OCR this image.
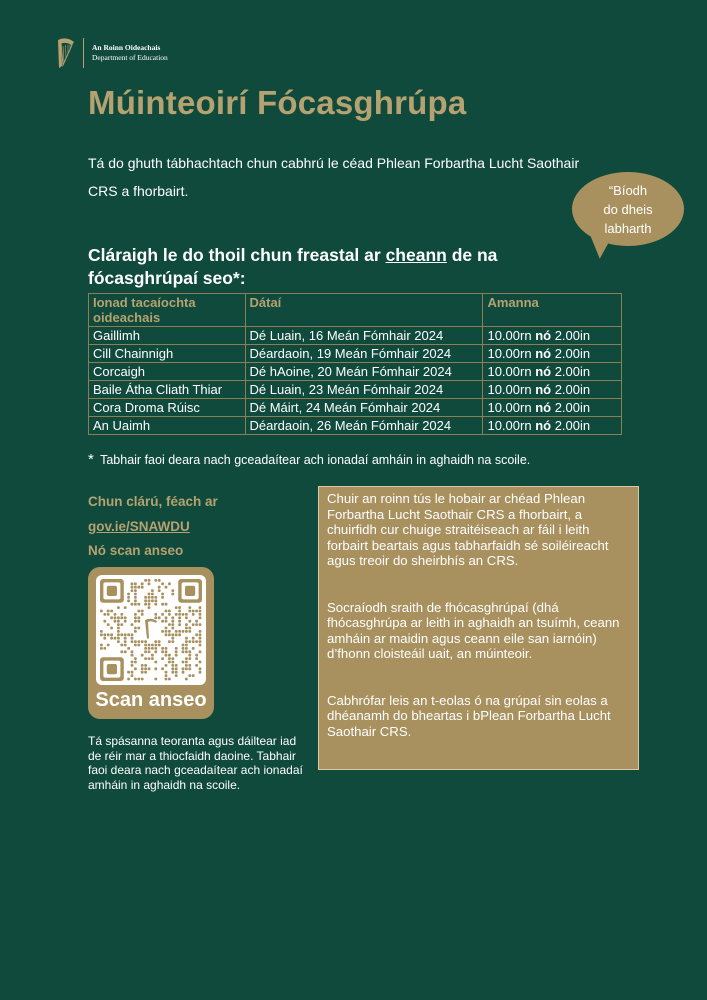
An Roinn Oideachais
Department of Education
Múinteoirí Fócasghrúpa
Tá do ghuth tábhachtach chun cabhrú le céad Phlean Forbartha Lucht Saothair CRS a fhorbairt.	“Bíodh
do dheis
labharth
Cláraigh le do thoil chun freastal ar cheann de na fócasghrúpaí seo*:
Ionad tacaíochta oideachais	Dátaí	Amanna
Gaillimh	Dé Luain, 16 Meán Fómhair 2024	10.00rn nó 2.00in
Cill Chainnigh	Déardaoin, 19 Meán Fómhair 2024	10.00rn nó 2.00in
Corcaigh	Dé hAoine, 20 Meán Fómhair 2024	10.00rn nó 2.00in
Baile Átha Cliath Thiar	Dé Luain, 23 Meán Fómhair 2024	10.00rn nó 2.00in
Cora Droma Rúisc	Dé Máirt, 24 Meán Fómhair 2024	10.00rn nó 2.00in
An Uaimh	Déardaoin, 26 Meán Fómhair 2024	10.00rn nó 2.00in
* Tabhair faoi deara nach gceadaítear ach ionadaí amháin in aghaidh na scoile.
Chun clárú, féach ar
gov.ie/SNAWDU
Nó scan anseo
Scan anseo
Tá spásanna teoranta agus dáiltear iad de réir mar a thiocfaidh daoine. Tabhair faoi deara nach gceadaítear ach ionadaí amháin in aghaidh na scoile.

Chuir an roinn tús le hobair ar chéad Phlean Forbartha Lucht Saothair CRS a fhorbairt, a chuirfidh cur chuige straitéiseach ar fáil i leith forbairt beartais agus tabharfaidh sé soiléireacht agus treoir do sheirbhís an CRS.

Socraíodh sraith de fhócasghrúpaí (dhá fhócasghrúpa ar leith in aghaidh an tsuímh, ceann amháin ar maidin agus ceann eile san iarnóin) d’fhonn cloisteáil uait, an múinteoir.

Cabhrófar leis an t-eolas ó na grúpaí sin eolas a dhéanamh do bheartas i bPlean Forbartha Lucht Saothair CRS.
